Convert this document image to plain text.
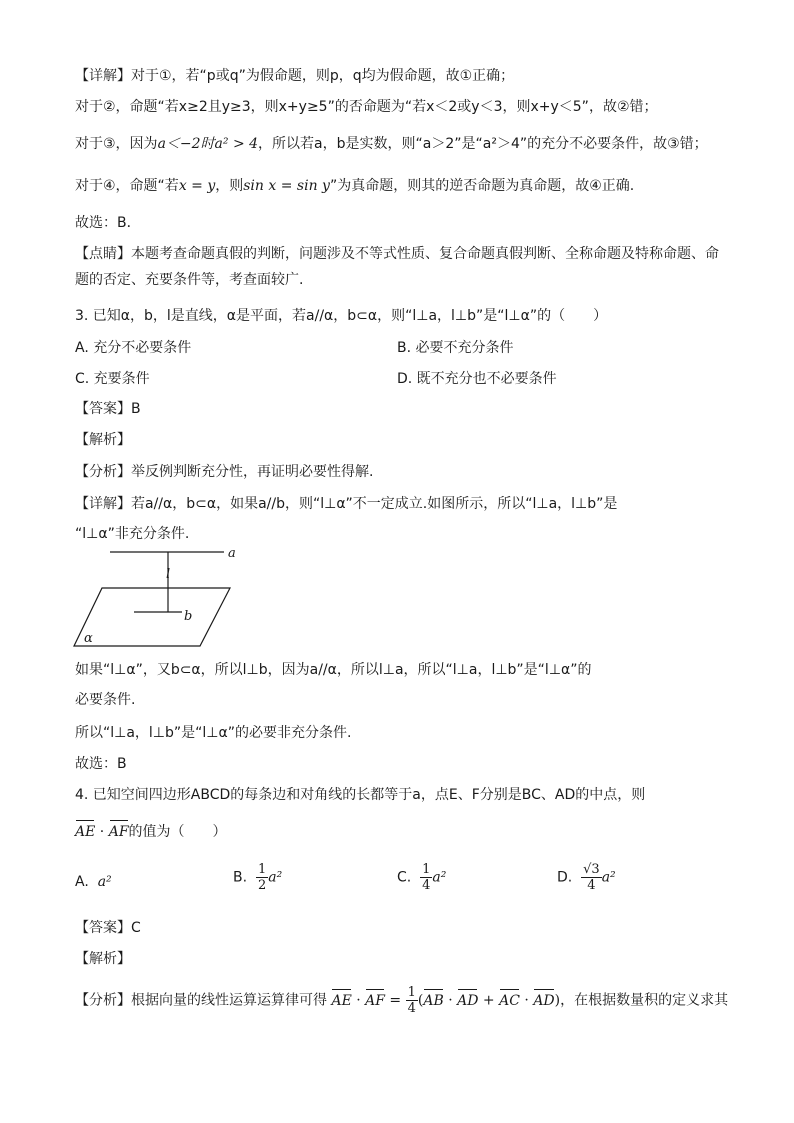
【详解】对于①，若“p或q”为假命题，则p，q均为假命题，故①正确；
对于②，命题“若x≥2且y≥3，则x+y≥5”的否命题为“若x＜2或y＜3，则x+y＜5”，故②错；
对于③，因为a＜−2时a² > 4，所以若a，b是实数，则“a＞2”是“a²＞4”的充分不必要条件，故③错；
对于④，命题“若x = y，则sin x = sin y”为真命题，则其的逆否命题为真命题，故④正确.
故选：B．
【点睛】本题考查命题真假的判断，问题涉及不等式性质、复合命题真假判断、全称命题及特称命题、命
题的否定、充要条件等，考查面较广.
3. 已知α，b，l是直线，α是平面，若a//α，b⊂α，则“l⊥a，l⊥b”是“l⊥α”的（　　）
A. 充分不必要条件	B. 必要不充分条件
C. 充要条件	D. 既不充分也不必要条件
【答案】B
【解析】
【分析】举反例判断充分性，再证明必要性得解.
【详解】若a//α，b⊂α，如果a//b，则“l⊥α”不一定成立.如图所示，所以“l⊥a，l⊥b”是
“l⊥α”非充分条件.
a
l
b
α
如果“l⊥α”，又b⊂α，所以l⊥b，因为a//α，所以l⊥a，所以“l⊥a，l⊥b”是“l⊥α”的
必要条件.
所以“l⊥a，l⊥b”是“l⊥α”的必要非充分条件.
故选：B
4. 已知空间四边形ABCD的每条边和对角线的长都等于a，点E、F分别是BC、AD的中点，则
AE · AF的值为（　　）
A. a²	B. $\frac{1}{2} a^2$	C. $\frac{1}{4} a^2$	D. $\frac{√3}{4} a^2$
【答案】C
【解析】
【分析】根据向量的线性运算运算律可得 AE · AF = $\frac{1}{4} (AB$ · AD + AC · AD)，在根据数量积的定义求其
